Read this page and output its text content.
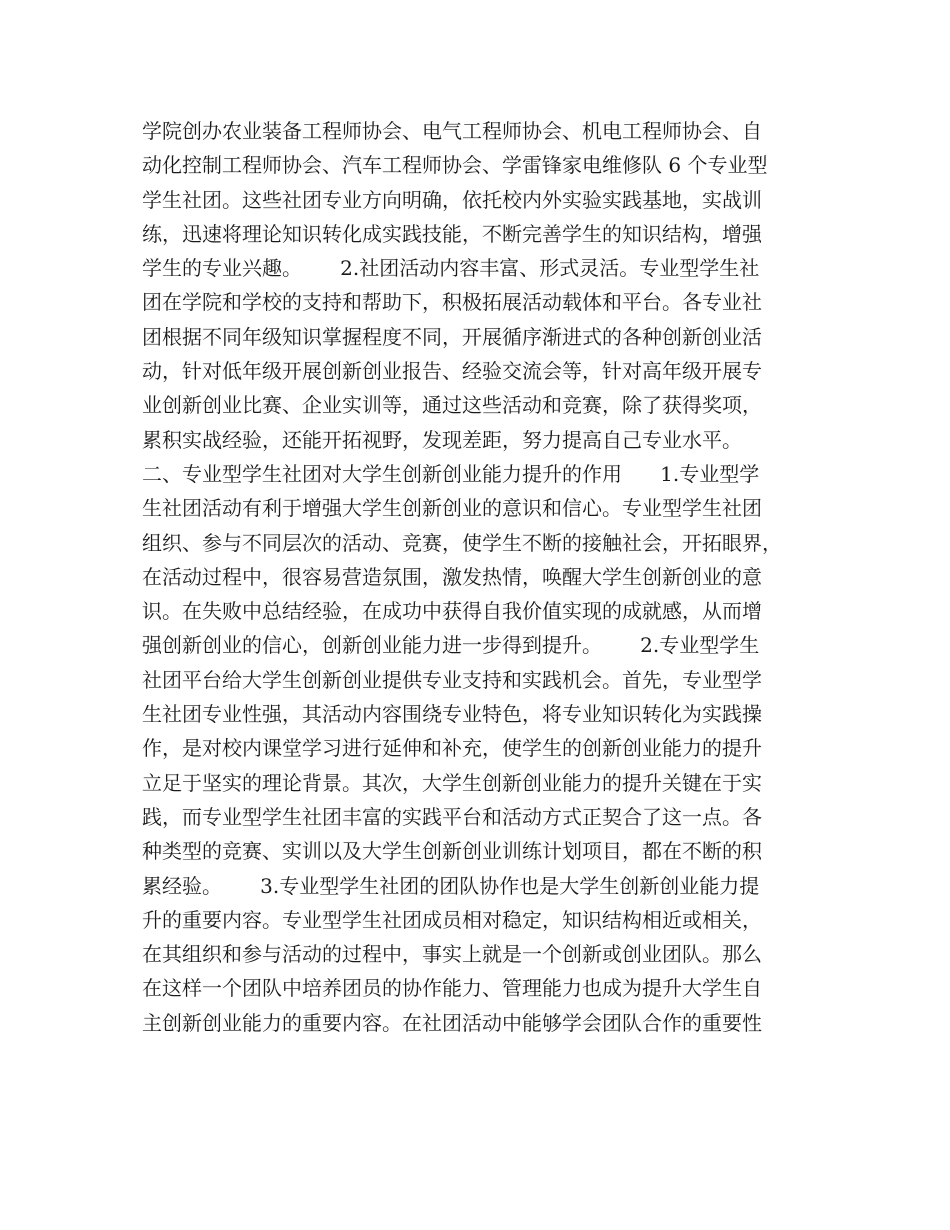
学院创办农业装备工程师协会、电气工程师协会、机电工程师协会、自
动化控制工程师协会、汽车工程师协会、学雷锋家电维修队 6 个专业型
学生社团。这些社团专业方向明确，依托校内外实验实践基地，实战训
练，迅速将理论知识转化成实践技能，不断完善学生的知识结构，增强
学生的专业兴趣。      2.社团活动内容丰富、形式灵活。专业型学生社
团在学院和学校的支持和帮助下，积极拓展活动载体和平台。各专业社
团根据不同年级知识掌握程度不同，开展循序渐进式的各种创新创业活
动，针对低年级开展创新创业报告、经验交流会等，针对高年级开展专
业创新创业比赛、企业实训等，通过这些活动和竞赛，除了获得奖项，
累积实战经验，还能开拓视野，发现差距，努力提高自己专业水平。
二、专业型学生社团对大学生创新创业能力提升的作用      1.专业型学
生社团活动有利于增强大学生创新创业的意识和信心。专业型学生社团
组织、参与不同层次的活动、竞赛，使学生不断的接触社会，开拓眼界，
在活动过程中，很容易营造氛围，激发热情，唤醒大学生创新创业的意
识。在失败中总结经验，在成功中获得自我价值实现的成就感，从而增
强创新创业的信心，创新创业能力进一步得到提升。      2.专业型学生
社团平台给大学生创新创业提供专业支持和实践机会。首先，专业型学
生社团专业性强，其活动内容围绕专业特色，将专业知识转化为实践操
作，是对校内课堂学习进行延伸和补充，使学生的创新创业能力的提升
立足于坚实的理论背景。其次，大学生创新创业能力的提升关键在于实
践，而专业型学生社团丰富的实践平台和活动方式正契合了这一点。各
种类型的竞赛、实训以及大学生创新创业训练计划项目，都在不断的积
累经验。      3.专业型学生社团的团队协作也是大学生创新创业能力提
升的重要内容。专业型学生社团成员相对稳定，知识结构相近或相关，
在其组织和参与活动的过程中，事实上就是一个创新或创业团队。那么
在这样一个团队中培养团员的协作能力、管理能力也成为提升大学生自
主创新创业能力的重要内容。在社团活动中能够学会团队合作的重要性
